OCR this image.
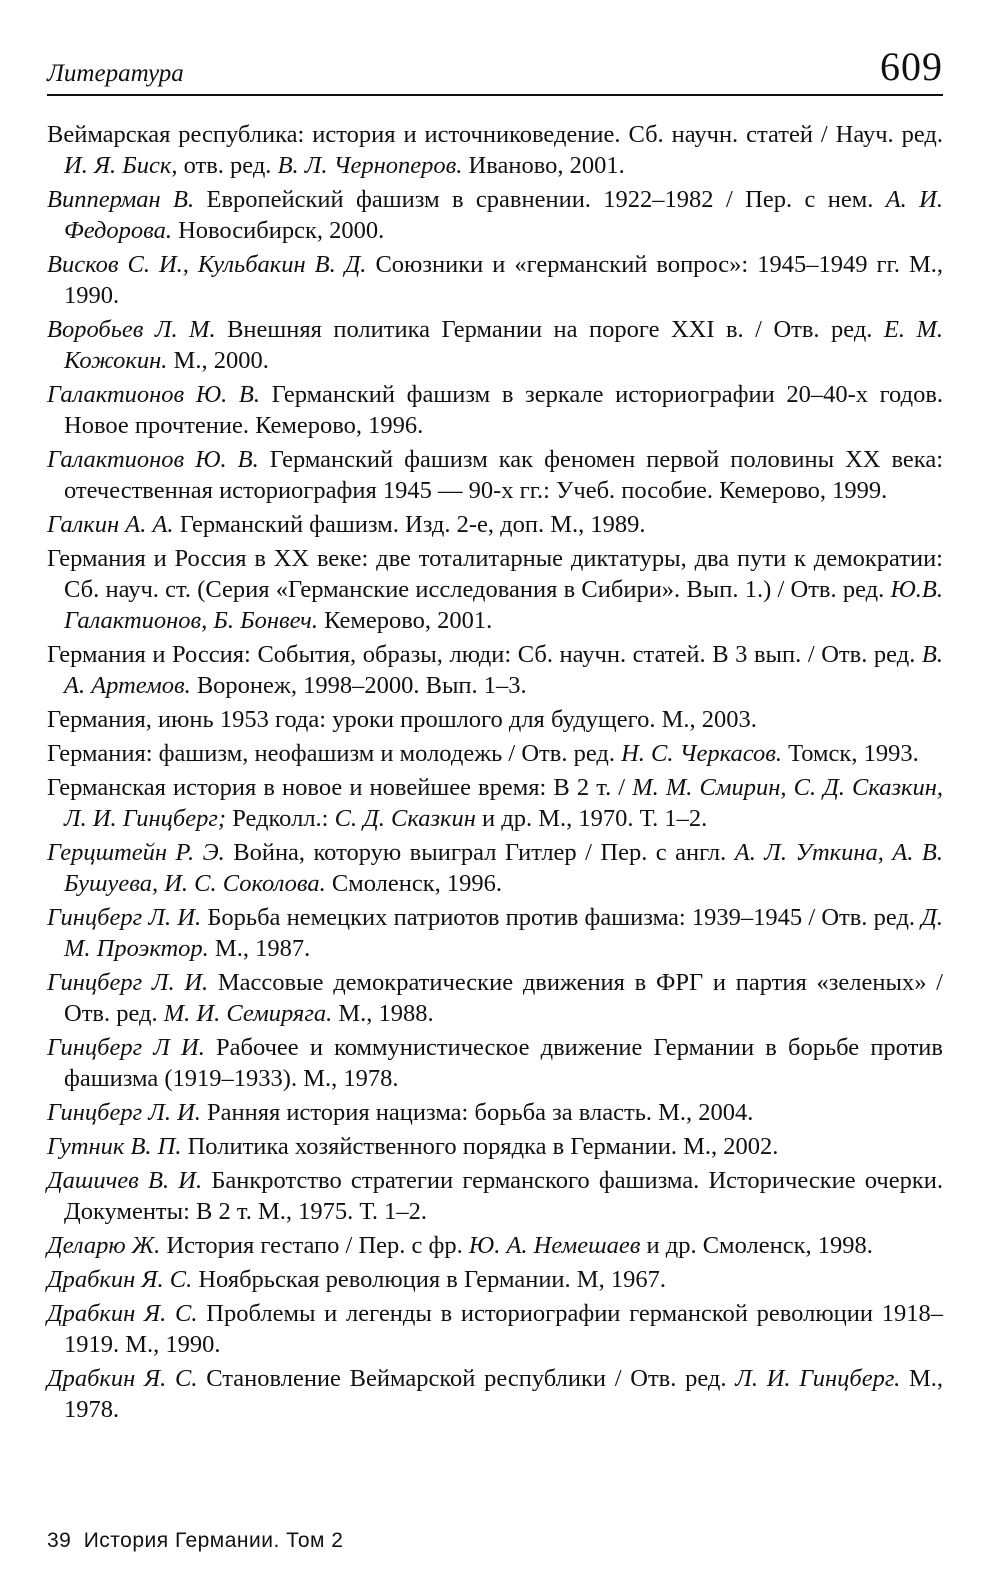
Литература	609
Веймарская республика: история и источниковедение. Сб. научн. статей / Науч. ред. И. Я. Биск, отв. ред. В. Л. Черноперов. Иваново, 2001.
Випперман В. Европейский фашизм в сравнении. 1922–1982 / Пер. с нем. А. И. Федорова. Новосибирск, 2000.
Висков С. И., Кульбакин В. Д. Союзники и «германский вопрос»: 1945–1949 гг. М., 1990.
Воробьев Л. М. Внешняя политика Германии на пороге XXI в. / Отв. ред. Е. М. Кожокин. М., 2000.
Галактионов Ю. В. Германский фашизм в зеркале историографии 20–40-х годов. Новое прочтение. Кемерово, 1996.
Галактионов Ю. В. Германский фашизм как феномен первой половины XX века: отечественная историография 1945 — 90-х гг.: Учеб. пособие. Кемерово, 1999.
Галкин А. А. Германский фашизм. Изд. 2-е, доп. М., 1989.
Германия и Россия в XX веке: две тоталитарные диктатуры, два пути к демократии: Сб. науч. ст. (Серия «Германские исследования в Сибири». Вып. 1.) / Отв. ред. Ю.В. Галактионов, Б. Бонвеч. Кемерово, 2001.
Германия и Россия: События, образы, люди: Сб. научн. статей. В 3 вып. / Отв. ред. В. А. Артемов. Воронеж, 1998–2000. Вып. 1–3.
Германия, июнь 1953 года: уроки прошлого для будущего. М., 2003.
Германия: фашизм, неофашизм и молодежь / Отв. ред. Н. С. Черкасов. Томск, 1993.
Германская история в новое и новейшее время: В 2 т. / М. М. Смирин, С. Д. Сказкин, Л. И. Гинцберг; Редколл.: С. Д. Сказкин и др. М., 1970. Т. 1–2.
Герцштейн Р. Э. Война, которую выиграл Гитлер / Пер. с англ. А. Л. Уткина, А. В. Бушуева, И. С. Соколова. Смоленск, 1996.
Гинцберг Л. И. Борьба немецких патриотов против фашизма: 1939–1945 / Отв. ред. Д. М. Проэктор. М., 1987.
Гинцберг Л. И. Массовые демократические движения в ФРГ и партия «зеленых» / Отв. ред. М. И. Семиряга. М., 1988.
Гинцберг Л И. Рабочее и коммунистическое движение Германии в борьбе против фашизма (1919–1933). М., 1978.
Гинцберг Л. И. Ранняя история нацизма: борьба за власть. М., 2004.
Гутник В. П. Политика хозяйственного порядка в Германии. М., 2002.
Дашичев В. И. Банкротство стратегии германского фашизма. Исторические очерки. Документы: В 2 т. М., 1975. Т. 1–2.
Деларю Ж. История гестапо / Пер. с фр. Ю. А. Немешаев и др. Смоленск, 1998.
Драбкин Я. С. Ноябрьская революция в Германии. М, 1967.
Драбкин Я. С. Проблемы и легенды в историографии германской революции 1918–1919. М., 1990.
Драбкин Я. С. Становление Веймарской республики / Отв. ред. Л. И. Гинцберг. М., 1978.
39 История Германии. Том 2
